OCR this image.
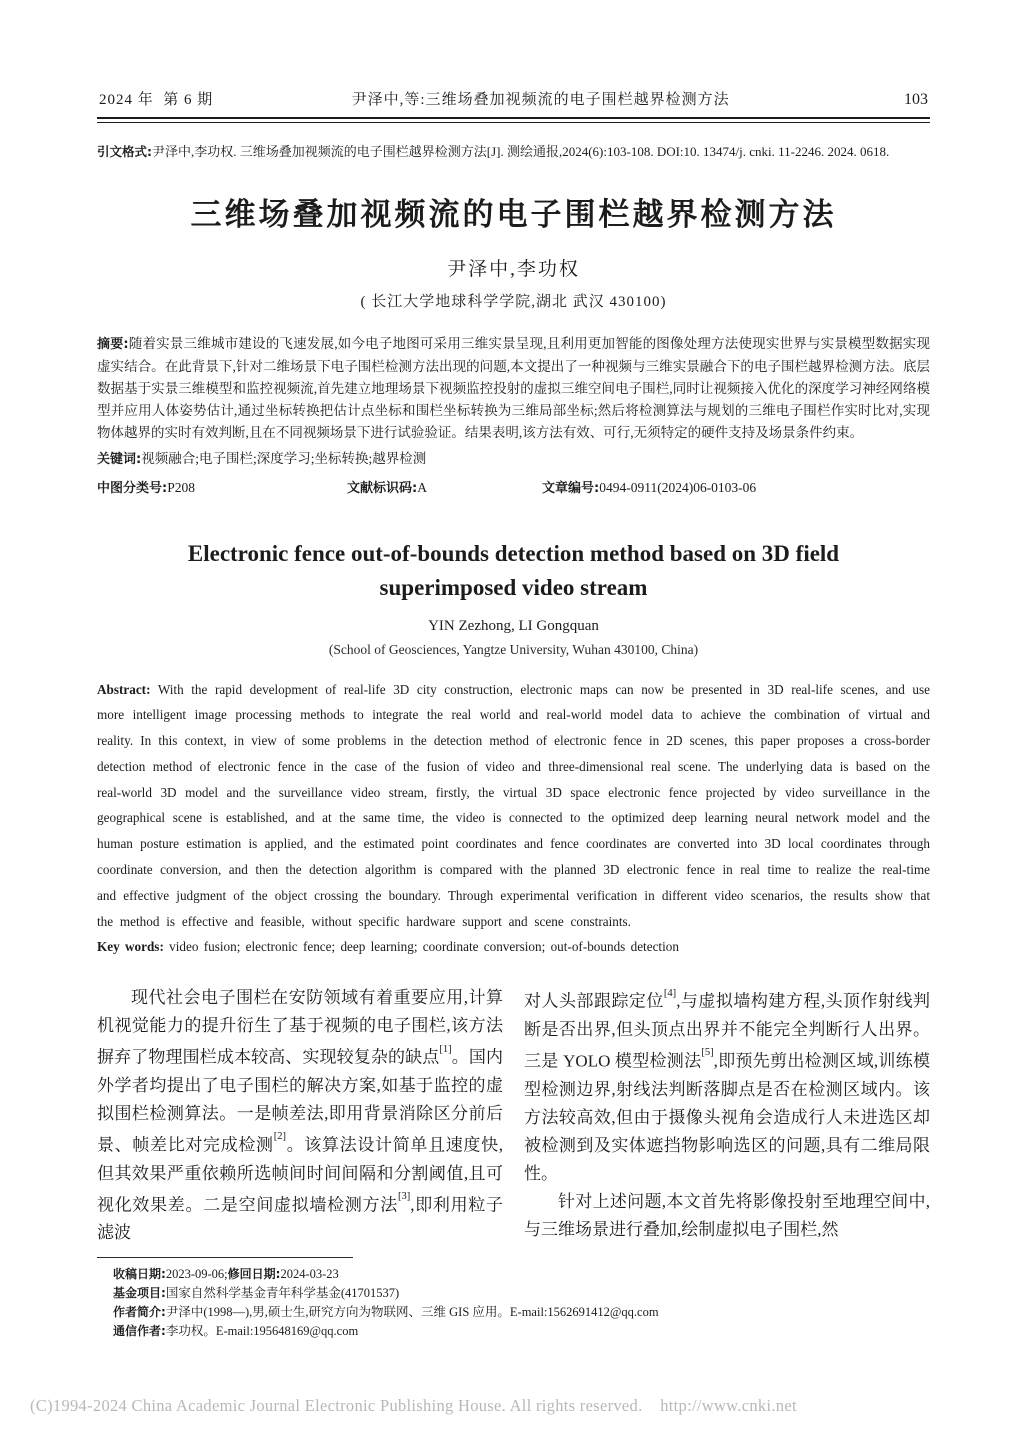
2024 年  第 6 期	尹泽中,等:三维场叠加视频流的电子围栏越界检测方法	103

引文格式:尹泽中,李功权. 三维场叠加视频流的电子围栏越界检测方法[J]. 测绘通报,2024(6):103-108. DOI:10. 13474/j. cnki. 11-2246. 2024. 0618.

三维场叠加视频流的电子围栏越界检测方法
尹泽中,李功权
( 长江大学地球科学学院,湖北 武汉 430100)

摘要:随着实景三维城市建设的飞速发展,如今电子地图可采用三维实景呈现,且利用更加智能的图像处理方法使现实世界与实景模型数据实现虚实结合。在此背景下,针对二维场景下电子围栏检测方法出现的问题,本文提出了一种视频与三维实景融合下的电子围栏越界检测方法。底层数据基于实景三维模型和监控视频流,首先建立地理场景下视频监控投射的虚拟三维空间电子围栏,同时让视频接入优化的深度学习神经网络模型并应用人体姿势估计,通过坐标转换把估计点坐标和围栏坐标转换为三维局部坐标;然后将检测算法与规划的三维电子围栏作实时比对,实现物体越界的实时有效判断,且在不同视频场景下进行试验验证。结果表明,该方法有效、可行,无须特定的硬件支持及场景条件约束。

关键词:视频融合;电子围栏;深度学习;坐标转换;越界检测

中图分类号:P208	文献标识码:A	文章编号:0494-0911(2024)06-0103-06
Electronic fence out-of-bounds detection method based on 3D field
superimposed video stream
YIN Zezhong, LI Gongquan
(School of Geosciences, Yangtze University, Wuhan 430100, China)

Abstract: With the rapid development of real-life 3D city construction, electronic maps can now be presented in 3D real-life scenes, and use more intelligent image processing methods to integrate the real world and real-world model data to achieve the combination of virtual and reality. In this context, in view of some problems in the detection method of electronic fence in 2D scenes, this paper proposes a cross-border detection method of electronic fence in the case of the fusion of video and three-dimensional real scene. The underlying data is based on the real-world 3D model and the surveillance video stream, firstly, the virtual 3D space electronic fence projected by video surveillance in the geographical scene is established, and at the same time, the video is connected to the optimized deep learning neural network model and the human posture estimation is applied, and the estimated point coordinates and fence coordinates are converted into 3D local coordinates through coordinate conversion, and then the detection algorithm is compared with the planned 3D electronic fence in real time to realize the real-time and effective judgment of the object crossing the boundary. Through experimental verification in different video scenarios, the results show that the method is effective and feasible, without specific hardware support and scene constraints.

Key words: video fusion; electronic fence; deep learning; coordinate conversion; out-of-bounds detection

现代社会电子围栏在安防领域有着重要应用,计算机视觉能力的提升衍生了基于视频的电子围栏,该方法摒弃了物理围栏成本较高、实现较复杂的缺点[1]。国内外学者均提出了电子围栏的解决方案,如基于监控的虚拟围栏检测算法。一是帧差法,即用背景消除区分前后景、帧差比对完成检测[2]。该算法设计简单且速度快,但其效果严重依赖所选帧间时间间隔和分割阈值,且可视化效果差。二是空间虚拟墙检测方法[3],即利用粒子滤波

对人头部跟踪定位[4],与虚拟墙构建方程,头顶作射线判断是否出界,但头顶点出界并不能完全判断行人出界。三是 YOLO 模型检测法[5],即预先剪出检测区域,训练模型检测边界,射线法判断落脚点是否在检测区域内。该方法较高效,但由于摄像头视角会造成行人未进选区却被检测到及实体遮挡物影响选区的问题,具有二维局限性。

针对上述问题,本文首先将影像投射至地理空间中,与三维场景进行叠加,绘制虚拟电子围栏,然

收稿日期:2023-09-06;修回日期:2024-03-23
基金项目:国家自然科学基金青年科学基金(41701537)
作者简介:尹泽中(1998—),男,硕士生,研究方向为物联网、三维 GIS 应用。E-mail:1562691412@qq.com
通信作者:李功权。E-mail:195648169@qq.com
(C)1994-2024 China Academic Journal Electronic Publishing House. All rights reserved.    http://www.cnki.net
